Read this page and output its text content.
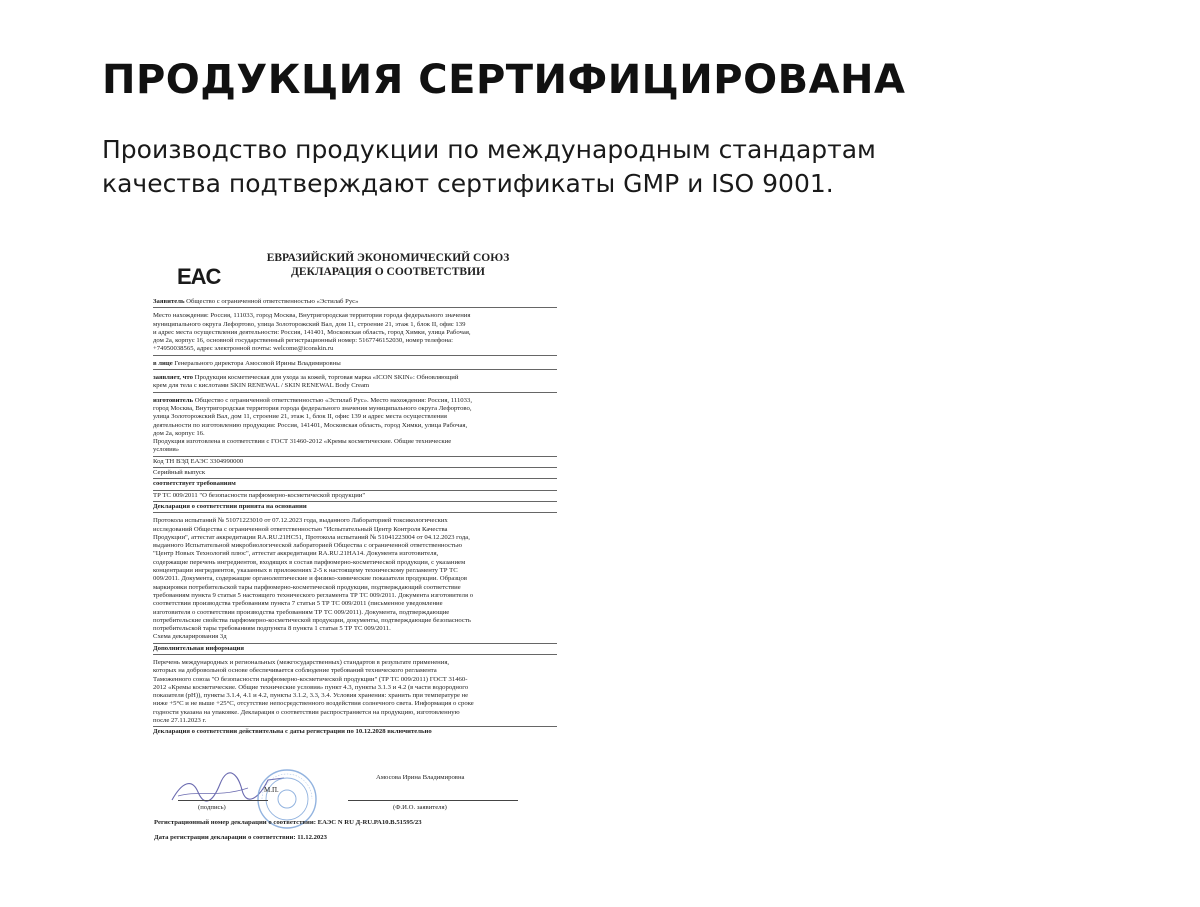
ПРОДУКЦИЯ СЕРТИФИЦИРОВАНА
Производство продукции по международным стандартам
качества подтверждают сертификаты GMP и ISO 9001.
EAC
ЕВРАЗИЙСКИЙ ЭКОНОМИЧЕСКИЙ СОЮЗ
ДЕКЛАРАЦИЯ О СООТВЕТСТВИИ
Заявитель Общество с ограниченной ответственностью «Эстилаб Рус»
Место нахождения: Россия, 111033, город Москва, Внутригородская территория города федерального значения
муниципального округа Лефортово, улица Золоторожский Вал, дом 11, строение 21, этаж 1, блок II, офис 139
и адрес места осуществления деятельности: Россия, 141401, Московская область, город Химки, улица Рабочая,
дом 2а, корпус 16, основной государственный регистрационный номер: 5167746152030, номер телефона:
+74950038565, адрес электронной почты: welcome@iconskin.ru
в лице Генерального директора Амосовой Ирины Владимировны
заявляет, что Продукция косметическая для ухода за кожей, торговая марка «ICON SKIN»: Обновляющий
крем для тела с кислотами SKIN RENEWAL / SKIN RENEWAL Body Cream
изготовитель Общество с ограниченной ответственностью «Эстилаб Рус». Место нахождения: Россия, 111033,
город Москва, Внутригородская территория города федерального значения муниципального округа Лефортово,
улица Золоторожский Вал, дом 11, строение 21, этаж 1, блок II, офис 139 и адрес места осуществления
деятельности по изготовлению продукции: Россия, 141401, Московская область, город Химки, улица Рабочая,
дом 2а, корпус 16.
Продукция изготовлена в соответствии с ГОСТ 31460-2012 «Кремы косметические. Общие технические
условия»
Код ТН ВЭД ЕАЭС 3304990000
Серийный выпуск
соответствует требованиям
ТР ТС 009/2011 "О безопасности парфюмерно-косметической продукции"
Декларация о соответствии принята на основании
Протокола испытаний № 51071223010 от 07.12.2023 года, выданного Лабораторией токсикологических
исследований Общества с ограниченной ответственностью "Испытательный Центр Контроля Качества
Продукции", аттестат аккредитации RA.RU.21НС51, Протокола испытаний № 51041223004 от 04.12.2023 года,
выданного Испытательной микробиологической лабораторией Общества с ограниченной ответственностью
"Центр Новых Технологий плюс", аттестат аккредитации RA.RU.21НА14. Документа изготовителя,
содержащие перечень ингредиентов, входящих в состав парфюмерно-косметической продукции, с указанием
концентрации ингредиентов, указанных в приложениях 2-5 к настоящему техническому регламенту ТР ТС
009/2011. Документа, содержащие органолептические и физико-химические показатели продукции. Образцов
маркировки потребительской тары парфюмерно-косметической продукции, подтверждающий соответствие
требованиям пункта 9 статьи 5 настоящего технического регламента ТР ТС 009/2011. Документа изготовителя о
соответствии производства требованиям пункта 7 статьи 5 ТР ТС 009/2011 (письменное уведомление
изготовителя о соответствии производства требованиям ТР ТС 009/2011). Документа, подтверждающие
потребительские свойства парфюмерно-косметической продукции, документы, подтверждающие безопасность
потребительской тары требованиям подпункта 8 пункта 1 статьи 5 ТР ТС 009/2011.
Схема декларирования 3д
Дополнительная информация
Перечень международных и региональных (межгосударственных) стандартов в результате применения,
которых на добровольной основе обеспечивается соблюдение требований технического регламента
Таможенного союза "О безопасности парфюмерно-косметической продукции" (ТР ТС 009/2011) ГОСТ 31460-
2012 «Кремы косметические. Общие технические условия» пункт 4.3, пункты 3.1.3 и 4.2 (в части водородного
показателя (pH)), пункты 3.1.4, 4.1 и 4.2, пункты 3.1.2, 3.3, 3.4. Условия хранения: хранить при температуре не
ниже +5°С и не выше +25°С, отсутствие непосредственного воздействия солнечного света. Информация о сроке
годности указана на упаковке. Декларация о соответствии распространяется на продукцию, изготовленную
после 27.11.2023 г.
Декларация о соответствии действительна с даты регистрации по 10.12.2028 включительно
М.П.
(подпись)
Амосова Ирина Владимировна
(Ф.И.О. заявителя)
Регистрационный номер декларации о соответствии: ЕАЭС N RU Д-RU.РА10.В.51595/23
Дата регистрации декларации о соответствии: 11.12.2023
